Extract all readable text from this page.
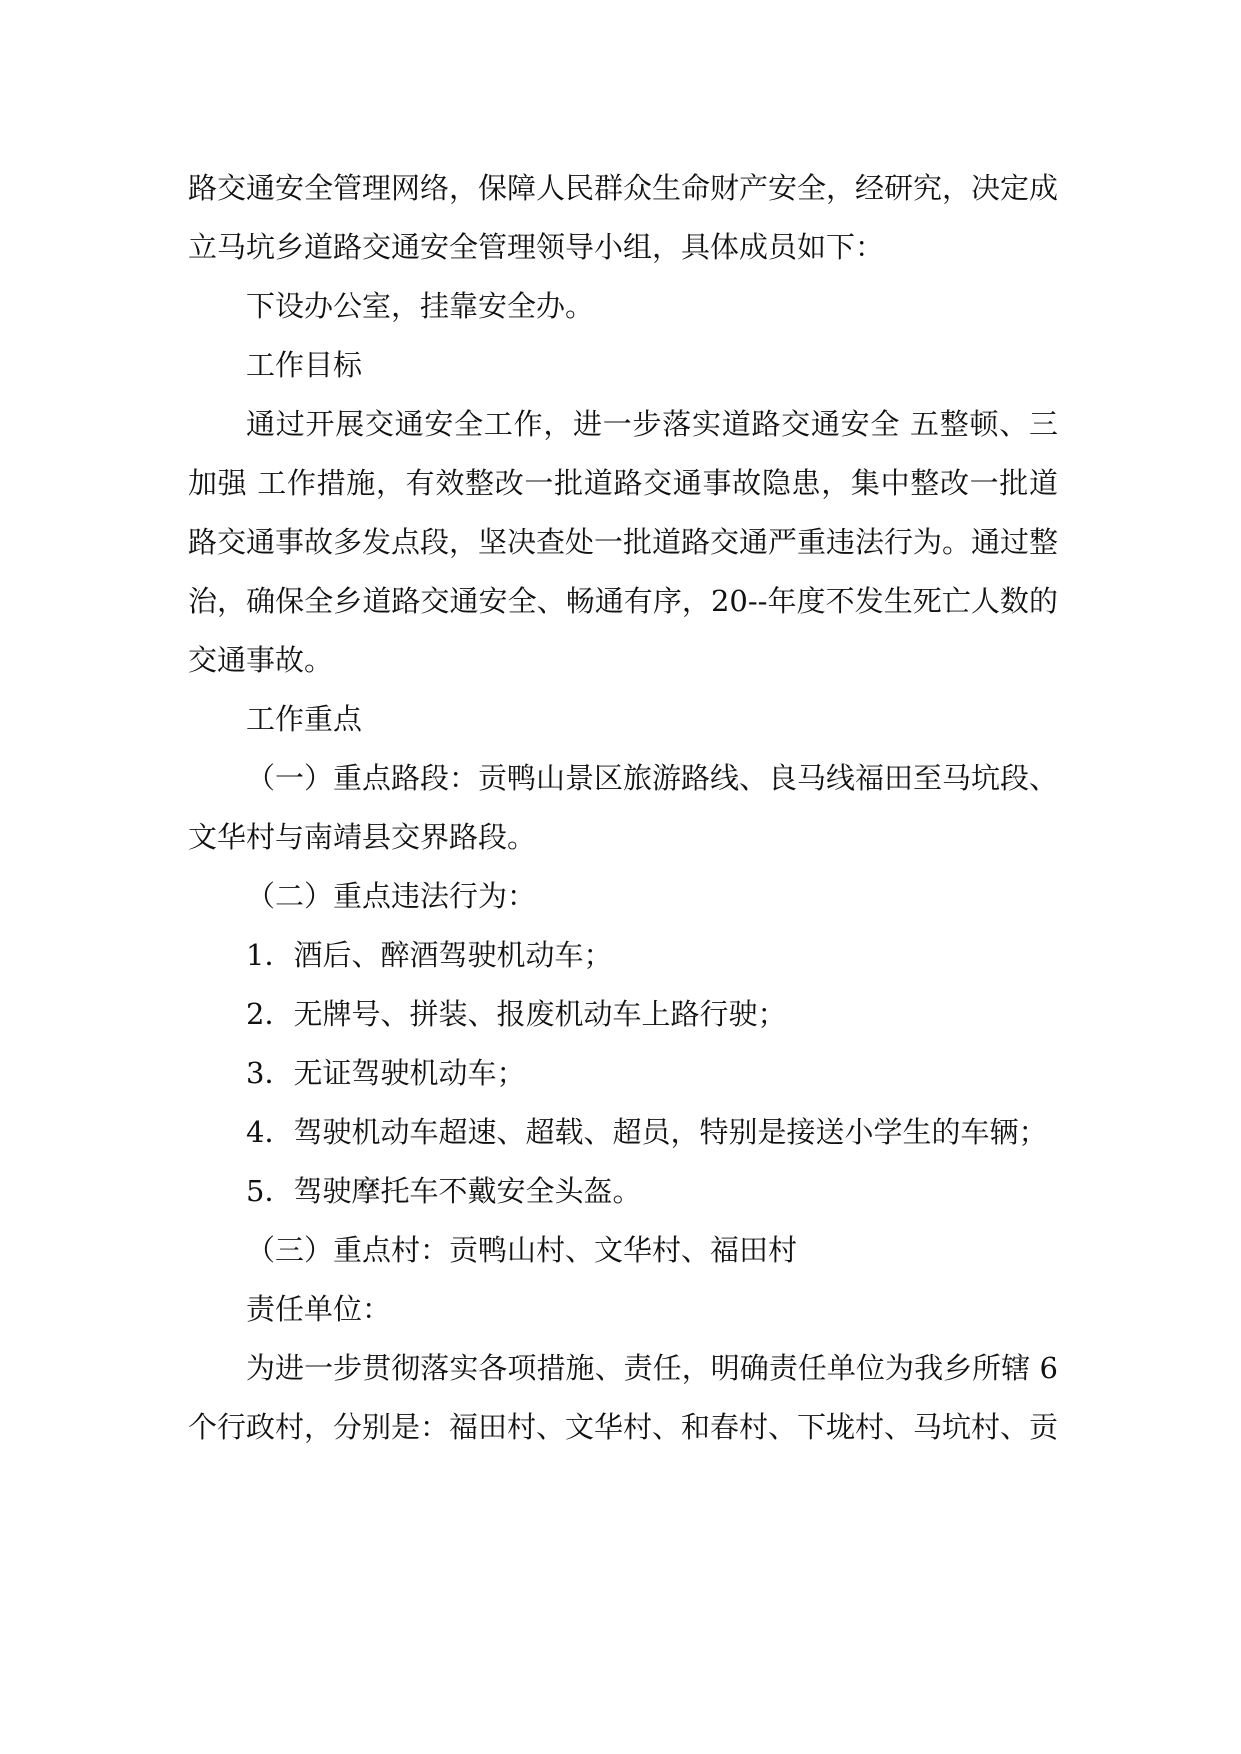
路交通安全管理网络，保障人民群众生命财产安全，经研究，决定成立马坑乡道路交通安全管理领导小组，具体成员如下：

下设办公室，挂靠安全办。

工作目标

通过开展交通安全工作，进一步落实道路交通安全 五整顿、三加强 工作措施，有效整改一批道路交通事故隐患，集中整改一批道路交通事故多发点段，坚决查处一批道路交通严重违法行为。通过整治，确保全乡道路交通安全、畅通有序，20--年度不发生死亡人数的交通事故。

工作重点

（一）重点路段：贡鸭山景区旅游路线、良马线福田至马坑段、文华村与南靖县交界路段。

（二）重点违法行为：

1．酒后、醉酒驾驶机动车；

2．无牌号、拼装、报废机动车上路行驶；

3．无证驾驶机动车；

4．驾驶机动车超速、超载、超员，特别是接送小学生的车辆；

5．驾驶摩托车不戴安全头盔。

（三）重点村：贡鸭山村、文华村、福田村

责任单位：

为进一步贯彻落实各项措施、责任，明确责任单位为我乡所辖 6 个行政村，分别是：福田村、文华村、和春村、下垅村、马坑村、贡
